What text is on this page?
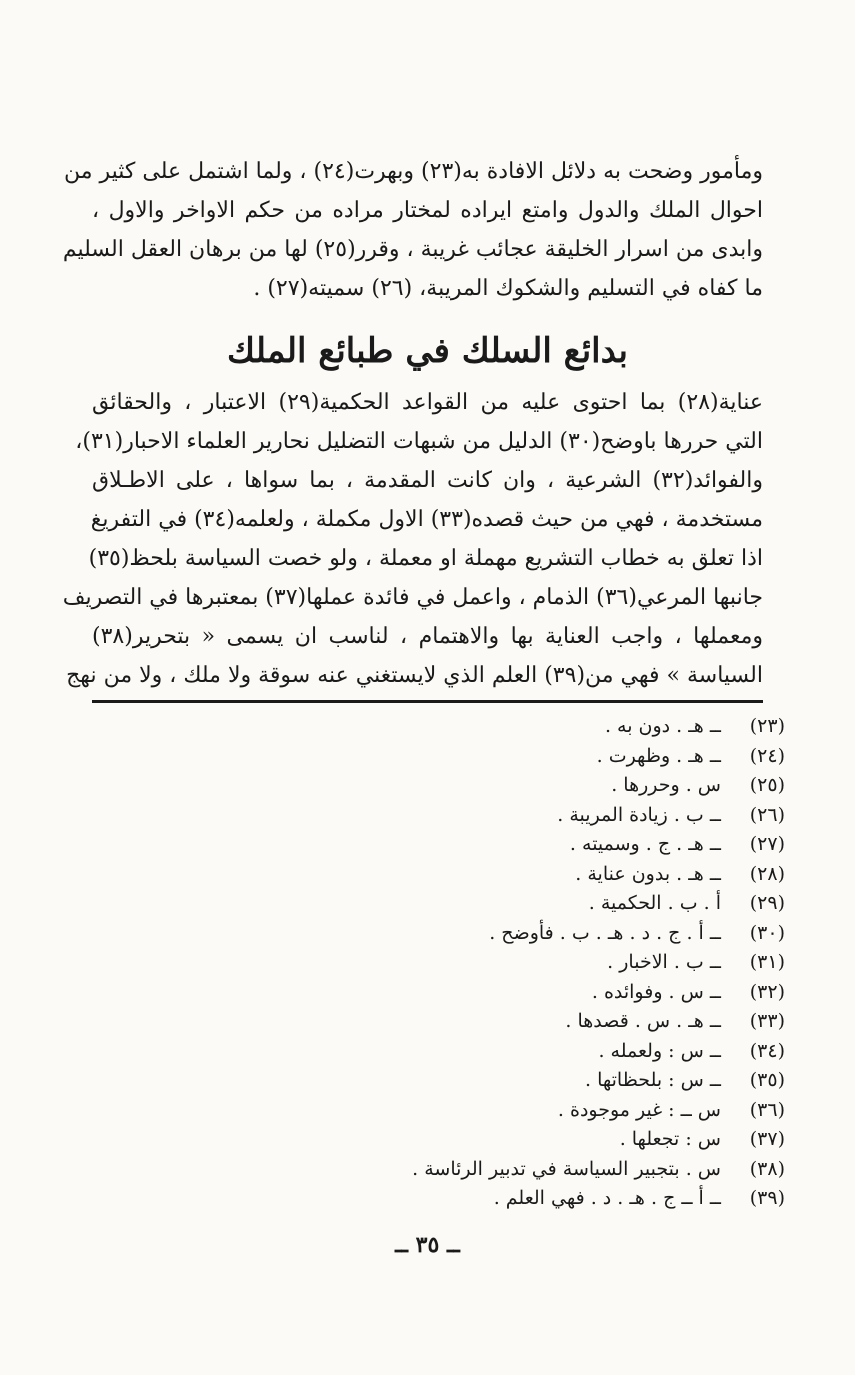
ومأمور وضحت به دلائل الافادة به(٢٣) وبهرت(٢٤) ، ولما اشتمل على كثير من
احوال الملك والدول وامتع ايراده لمختار مراده من حكم الاواخر والاول ،
وابدى من اسرار الخليقة عجائب غريبة ، وقرر(٢٥) لها من برهان العقل السليم
ما كفاه في التسليم والشكوك المريبة، (٢٦) سميته(٢٧) .
بدائع السلك في طبائع الملك
عناية(٢٨) بما احتوى عليه من القواعد الحكمية(٢٩) الاعتبار ، والحقائق
التي حررها باوضح(٣٠) الدليل من شبهات التضليل نحارير العلماء الاحبار(٣١)،
والفوائد(٣٢) الشرعية ، وان كانت المقدمة ، بما سواها ، على الاطـلاق
مستخدمة ، فهي من حيث قصده(٣٣) الاول مكملة ، ولعلمه(٣٤) في التفريغ
اذا تعلق به خطاب التشريع مهملة او معملة ، ولو خصت السياسة بلحظ(٣٥)
جانبها المرعي(٣٦) الذمام ، واعمل في فائدة عملها(٣٧) بمعتبرها في التصريف
ومعملها ، واجب العناية بها والاهتمام ، لناسب ان يسمى « بتحرير(٣٨)
السياسة » فهي من(٣٩) العلم الذي لايستغني عنه سوقة ولا ملك ، ولا من نهج
(٢٣)
ــ هـ . دون به .
(٢٤)
ــ هـ . وظهرت .
(٢٥)
س . وحررها .
(٢٦)
ــ ب . زيادة المريبة .
(٢٧)
ــ هـ . ج . وسميته .
(٢٨)
ــ هـ . بدون عناية .
(٢٩)
أ . ب . الحكمية .
(٣٠)
ــ أ . ج . د . هـ . ب . فأوضح .
(٣١)
ــ ب . الاخبار .
(٣٢)
ــ س . وفوائده .
(٣٣)
ــ هـ . س . قصدها .
(٣٤)
ــ س : ولعمله .
(٣٥)
ــ س : بلحظاتها .
(٣٦)
س ــ : غير موجودة .
(٣٧)
س : تجعلها .
(٣٨)
س . بتجبير السياسة في تدبير الرئاسة .
(٣٩)
ــ أ ــ ج . هـ . د . فهي العلم .
ــ ٣٥ ــ
